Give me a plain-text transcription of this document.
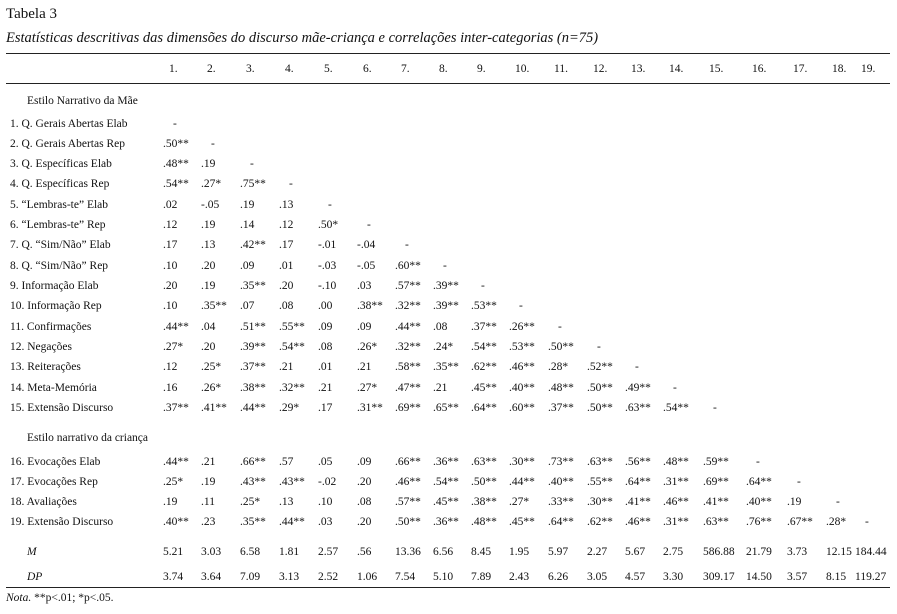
Tabela 3
Estatísticas descritivas das dimensões do discurso mãe-criança e correlações inter-categorias (n=75)
1.	2.	3.	4.	5.	6.	7.	8.	9.	10. 11. 12. 13. 14. 15. 16. 17. 18. 19.
Estilo Narrativo da Mãe
Estilo narrativo da criança
1. Q. Gerais Abertas Elab	-
2. Q. Gerais Abertas Rep	.50** -
3. Q. Específicas Elab	.48** .19	-
4. Q. Específicas Rep	.54** .27* .75** -
5. “Lembras-te” Elab	.02 -.05 .19 .13	-
6. “Lembras-te” Rep	.12 .19 .14 .12 .50*	-
7. Q. “Sim/Não” Elab	.17 .13 .42** .17 -.01 -.04	-
8. Q. “Sim/Não” Rep	.10 .20 .09 .01 -.03 -.05 .60** -
9. Informação Elab	.20 .19 .35** .20 -.10 .03 .57** .39** -
10. Informação Rep	.10 .35** .07 .08 .00 .38** .32** .39** .53** -
11. Confirmações	.44** .04 .51** .55** .09 .09 .44** .08 .37** .26** -
12. Negações	.27* .20 .39** .54** .08 .26* .32** .24* .54** .53** .50** -
13. Reiterações	.12 .25* .37** .21 .01 .21 .58** .35** .62** .46** .28* .52** -
14. Meta-Memória	.16 .26* .38** .32** .21 .27* .47** .21 .45** .40** .48** .50** .49** -
15. Extensão Discurso	.37** .41** .44** .29* .17 .31** .69** .65** .64** .60** .37** .50** .63** .54** -
16. Evocações Elab	.44** .21 .66** .57 .05 .09 .66** .36** .63** .30** .73** .63** .56** .48** .59** -
17. Evocações Rep	.25* .19 .43** .43** -.02 .20 .46** .54** .50** .44** .40** .55** .64** .31** .69** .64** -
18. Avaliações	.19 .11 .25* .13 .10 .08 .57** .45** .38** .27* .33** .30** .41** .46** .41** .40** .19	-
19. Extensão Discurso	.40** .23 .35** .44** .03 .20 .50** .36** .48** .45** .64** .62** .46** .31** .63** .76** .67** .28* -
M	5.21 3.03 6.58 1.81 2.57 .56 13.36 6.56 8.45 1.95 5.97 2.27 5.67 2.75 586.88 21.79 3.73 12.15 184.44
DP	3.74 3.64 7.09 3.13 2.52 1.06 7.54 5.10 7.89 2.43 6.26 3.05 4.57 3.30 309.17 14.50 3.57 8.15 119.27
Nota. **p<.01; *p<.05.
